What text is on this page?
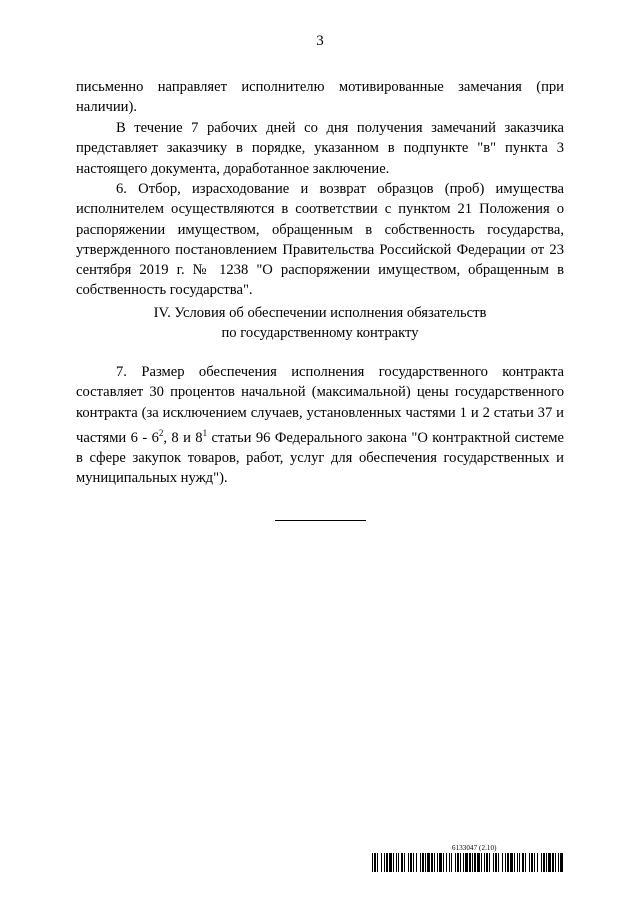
3

письменно направляет исполнителю мотивированные замечания (при наличии).

В течение 7 рабочих дней со дня получения замечаний заказчика представляет заказчику в порядке, указанном в подпункте "в" пункта 3 настоящего документа, доработанное заключение.

6. Отбор, израсходование и возврат образцов (проб) имущества исполнителем осуществляются в соответствии с пунктом 21 Положения о распоряжении имуществом, обращенным в собственность государства, утвержденного постановлением Правительства Российской Федерации от 23 сентября 2019 г. № 1238 "О распоряжении имуществом, обращенным в собственность государства".

IV. Условия об обеспечении исполнения обязательств
по государственному контракту

7. Размер обеспечения исполнения государственного контракта составляет 30 процентов начальной (максимальной) цены государственного контракта (за исключением случаев, установленных частями 1 и 2 статьи 37 и частями $6 - 6^2$, 8 и $8^1$ статьи 96 Федерального закона "О контрактной системе в сфере закупок товаров, работ, услуг для обеспечения государственных и муниципальных нужд").

6133047 (2.10)
